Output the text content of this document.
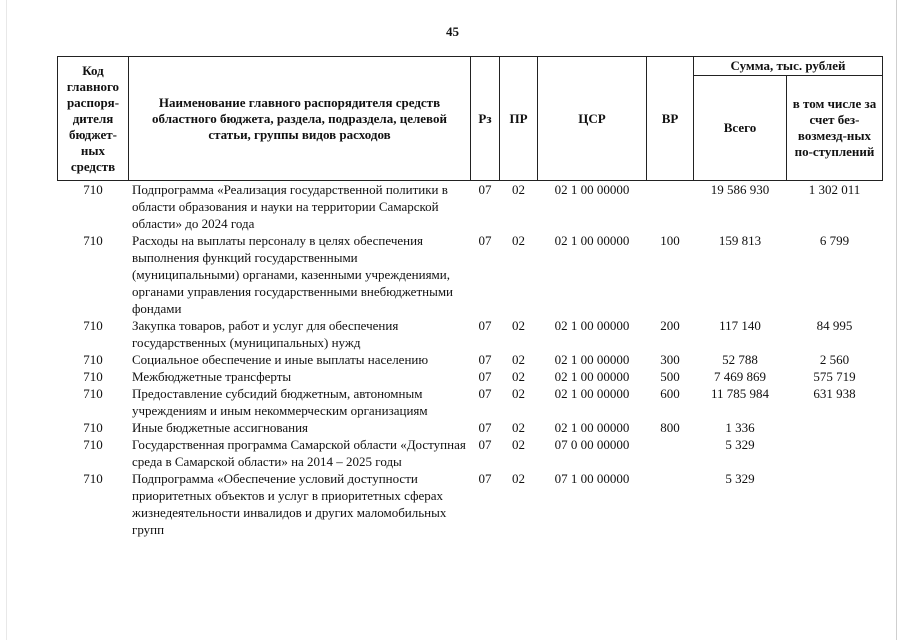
45
Код главного распоря-дителя бюджет-ных средств	Наименование главного распорядителя средств областного бюджета, раздела, подраздела, целевой статьи, группы видов расходов	Рз	ПР	ЦСР	ВР	Сумма, тыс. рублей	
						Всего	в том числе за счет без-возмезд-ных по-ступлений
710	Подпрограмма «Реализация государственной политики в области образования и науки на территории Самарской области» до 2024 года	07	02	02 1 00 00000		19 586 930	1 302 011
710	Расходы на выплаты персоналу в целях обеспечения выполнения функций государственными (муниципальными) органами, казенными учреждениями, органами управления государственными внебюджетными фондами	07	02	02 1 00 00000	100	159 813	6 799
710	Закупка товаров, работ и услуг для обеспечения государственных (муниципальных) нужд	07	02	02 1 00 00000	200	117 140	84 995
710	Социальное обеспечение и иные выплаты населению	07	02	02 1 00 00000	300	52 788	2 560
710	Межбюджетные трансферты	07	02	02 1 00 00000	500	7 469 869	575 719
710	Предоставление субсидий бюджетным, автономным учреждениям и иным некоммерческим организациям	07	02	02 1 00 00000	600	11 785 984	631 938
710	Иные бюджетные ассигнования	07	02	02 1 00 00000	800	1 336	
710	Государственная программа Самарской области «Доступная среда в Самарской области» на 2014 – 2025 годы	07	02	07 0 00 00000		5 329	
710	Подпрограмма «Обеспечение условий доступности приоритетных объектов и услуг в приоритетных сферах жизнедеятельности инвалидов и других маломобильных групп	07	02	07 1 00 00000		5 329	
